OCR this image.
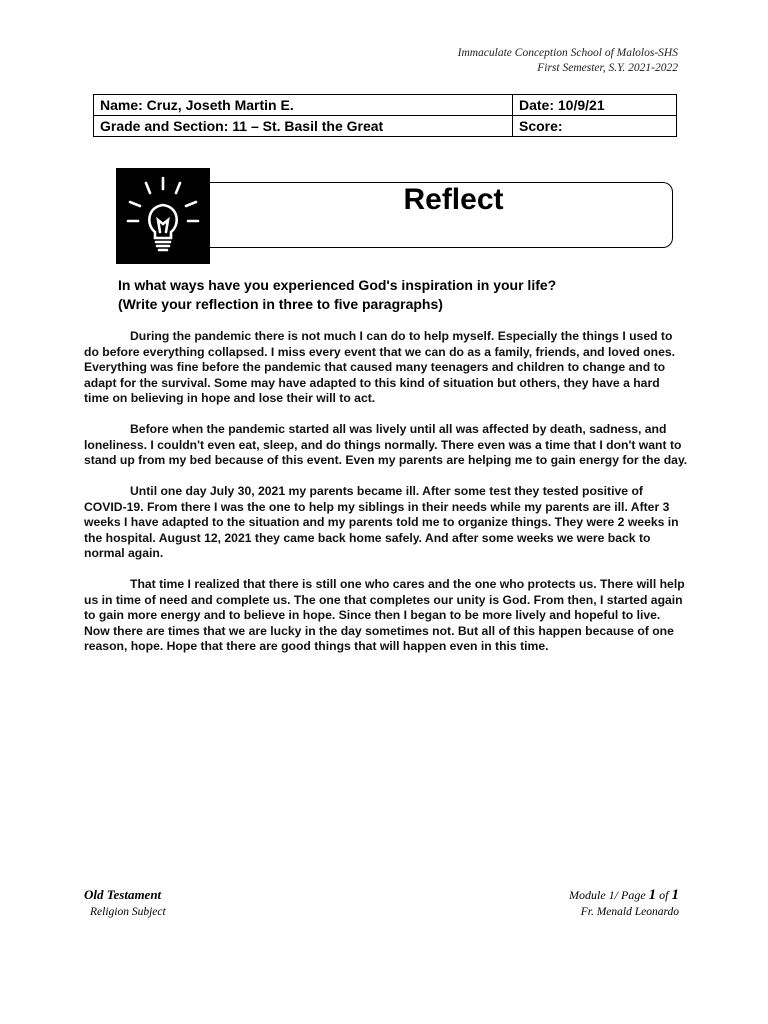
Immaculate Conception School of Malolos-SHS
First Semester, S.Y. 2021-2022
Name: Cruz, Joseth Martin E.	Date: 10/9/21
Grade and Section: 11 – St. Basil the Great	Score:
Reflect
In what ways have you experienced God's inspiration in your life?
(Write your reflection in three to five paragraphs)

During the pandemic there is not much I can do to help myself. Especially the things I used to do before everything collapsed. I miss every event that we can do as a family, friends, and loved ones. Everything was fine before the pandemic that caused many teenagers and children to change and to adapt for the survival. Some may have adapted to this kind of situation but others, they have a hard time on believing in hope and lose their will to act.

Before when the pandemic started all was lively until all was affected by death, sadness, and loneliness. I couldn't even eat, sleep, and do things normally. There even was a time that I don't want to stand up from my bed because of this event. Even my parents are helping me to gain energy for the day.

Until one day July 30, 2021 my parents became ill. After some test they tested positive of COVID-19. From there I was the one to help my siblings in their needs while my parents are ill. After 3 weeks I have adapted to the situation and my parents told me to organize things. They were 2 weeks in the hospital. August 12, 2021 they came back home safely. And after some weeks we were back to normal again.

That time I realized that there is still one who cares and the one who protects us. There will help us in time of need and complete us. The one that completes our unity is God. From then, I started again to gain more energy and to believe in hope. Since then I began to be more lively and hopeful to live. Now there are times that we are lucky in the day sometimes not. But all of this happen because of one reason, hope. Hope that there are good things that will happen even in this time.

Old Testament
Religion Subject
Module 1/ Page 1 of 1
Fr. Menald Leonardo
